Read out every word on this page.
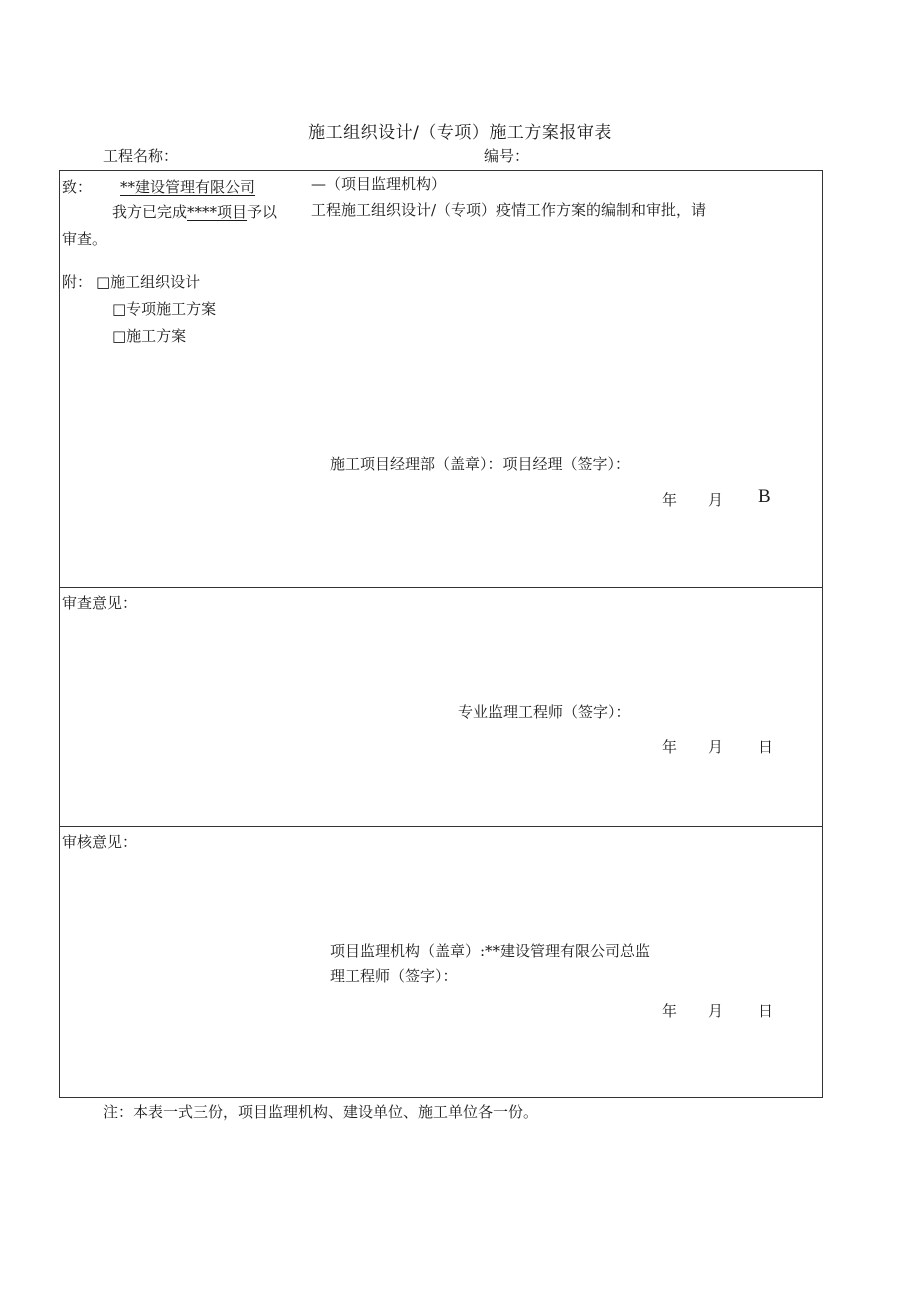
施工组织设计/（专项）施工方案报审表
工程名称：	编号：
致： **建设管理有限公司	—（项目监理机构）
我方已完成****项目予以 工程施工组织设计/（专项）疫情工作方案的编制和审批，请
审查。
附： □施工组织设计
□专项施工方案
□施工方案
施工项目经理部（盖章）：项目经理（签字）：
年 月 B
审查意见：
专业监理工程师（签字）：
年 月 日
审核意见：
项目监理机构（盖章）:**建设管理有限公司总监
理工程师（签字）：
年 月 日
注：本表一式三份，项目监理机构、建设单位、施工单位各一份。
